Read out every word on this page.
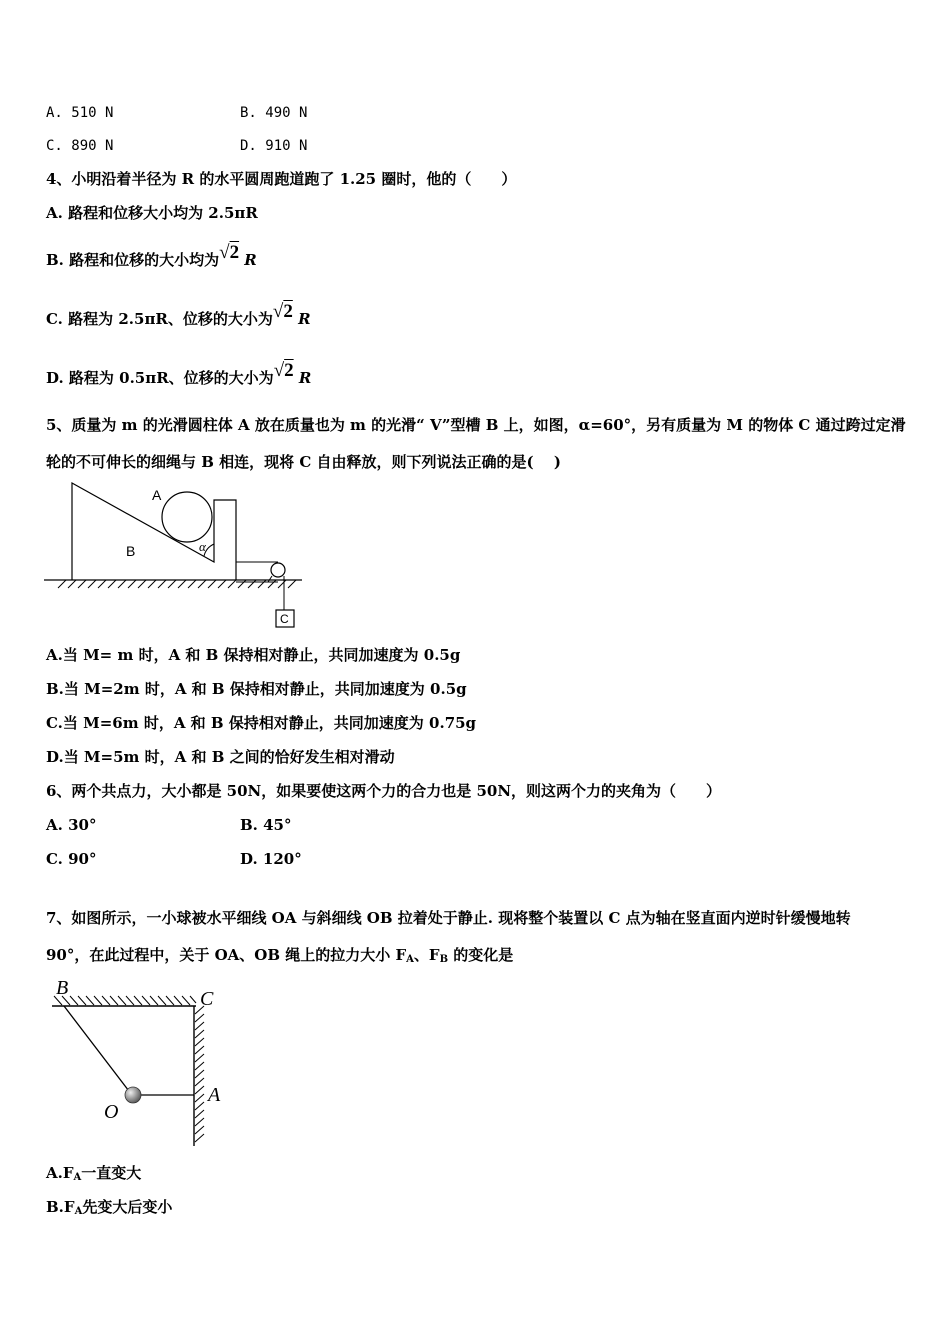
A. 510 N	B. 490 N
C. 890 N	D. 910 N
4、小明沿着半径为 R 的水平圆周跑道跑了 1.25 圈时，他的（　　）
A. 路程和位移大小均为 2.5πR
B. 路程和位移的大小均为√2 R
C. 路程为 2.5πR、位移的大小为√2 R
D. 路程为 0.5πR、位移的大小为√2 R
5、质量为 m 的光滑圆柱体 A 放在质量也为 m 的光滑“ V”型槽 B 上，如图，α=60°，另有质量为 M 的物体 C 通过跨过定滑
轮的不可伸长的细绳与 B 相连，现将 C 自由释放，则下列说法正确的是(　 )
A
B	α
C
A.当 M= m 时，A 和 B 保持相对静止，共同加速度为 0.5g
B.当 M=2m 时，A 和 B 保持相对静止，共同加速度为 0.5g
C.当 M=6m 时，A 和 B 保持相对静止，共同加速度为 0.75g
D.当 M=5m 时，A 和 B 之间的恰好发生相对滑动
6、两个共点力，大小都是 50N，如果要使这两个力的合力也是 50N，则这两个力的夹角为（　　）
A. 30°	B. 45°
C. 90°	D. 120°
7、如图所示，一小球被水平细线 OA 与斜细线 OB 拉着处于静止. 现将整个装置以 C 点为轴在竖直面内逆时针缓慢地转
90°，在此过程中，关于 OA、OB 绳上的拉力大小 $F_A$、$F_B$ 的变化是
B	C
O
A
$A.F_A$一直变大
$B.F_A$先变大后变小
